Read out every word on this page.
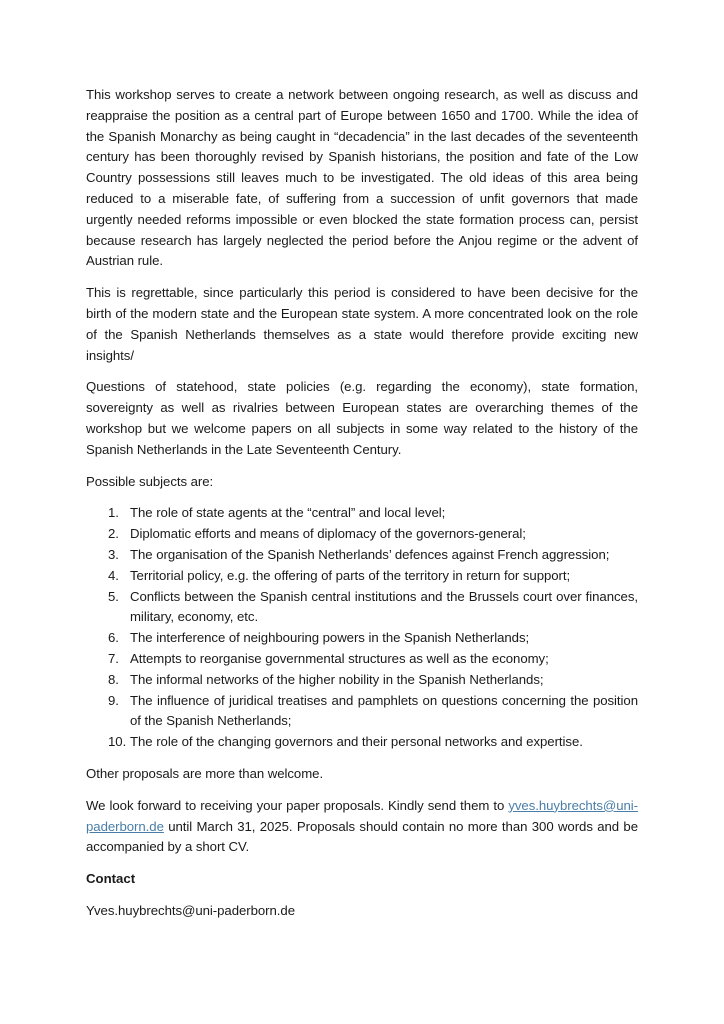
This workshop serves to create a network between ongoing research, as well as discuss and reappraise the position as a central part of Europe between 1650 and 1700. While the idea of the Spanish Monarchy as being caught in “decadencia” in the last decades of the seventeenth century has been thoroughly revised by Spanish historians, the position and fate of the Low Country possessions still leaves much to be investigated. The old ideas of this area being reduced to a miserable fate, of suffering from a succession of unfit governors that made urgently needed reforms impossible or even blocked the state formation process can, persist because research has largely neglected the period before the Anjou regime or the advent of Austrian rule.

This is regrettable, since particularly this period is considered to have been decisive for the birth of the modern state and the European state system. A more concentrated look on the role of the Spanish Netherlands themselves as a state would therefore provide exciting new insights/

Questions of statehood, state policies (e.g. regarding the economy), state formation, sovereignty as well as rivalries between European states are overarching themes of the workshop but we welcome papers on all subjects in some way related to the history of the Spanish Netherlands in the Late Seventeenth Century.

Possible subjects are:

1. The role of state agents at the “central” and local level;
2. Diplomatic efforts and means of diplomacy of the governors-general;
3. The organisation of the Spanish Netherlands’ defences against French aggression;
4. Territorial policy, e.g. the offering of parts of the territory in return for support;
5. Conflicts between the Spanish central institutions and the Brussels court over finances, military, economy, etc.
6. The interference of neighbouring powers in the Spanish Netherlands;
7. Attempts to reorganise governmental structures as well as the economy;
8. The informal networks of the higher nobility in the Spanish Netherlands;
9. The influence of juridical treatises and pamphlets on questions concerning the position of the Spanish Netherlands;
10. The role of the changing governors and their personal networks and expertise.

Other proposals are more than welcome.

We look forward to receiving your paper proposals. Kindly send them to yves.huybrechts@uni-paderborn.de until March 31, 2025. Proposals should contain no more than 300 words and be accompanied by a short CV.

Contact

Yves.huybrechts@uni-paderborn.de
